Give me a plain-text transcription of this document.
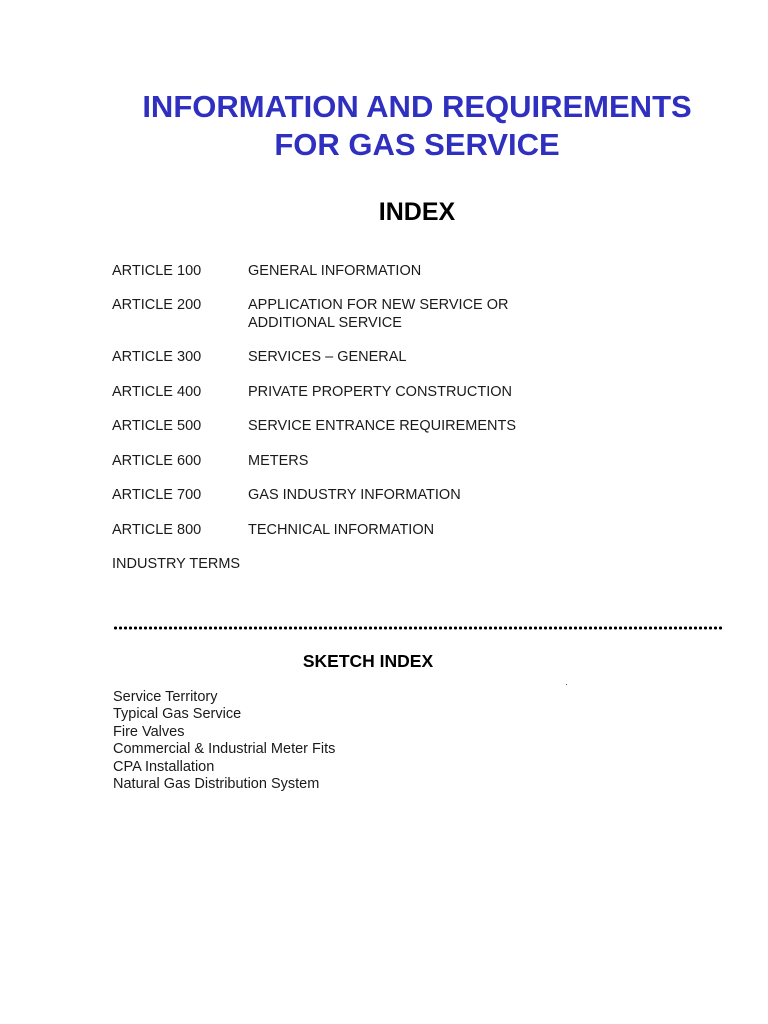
INFORMATION AND REQUIREMENTS
FOR GAS SERVICE
INDEX
ARTICLE 100	GENERAL INFORMATION
ARTICLE 200	APPLICATION FOR NEW SERVICE OR
ADDITIONAL SERVICE
ARTICLE 300	SERVICES – GENERAL
ARTICLE 400	PRIVATE PROPERTY CONSTRUCTION
ARTICLE 500	SERVICE ENTRANCE REQUIREMENTS
ARTICLE 600	METERS
ARTICLE 700	GAS INDUSTRY INFORMATION
ARTICLE 800	TECHNICAL INFORMATION
INDUSTRY TERMS
SKETCH INDEX
Service Territory
Typical Gas Service
Fire Valves
Commercial & Industrial Meter Fits
CPA Installation
Natural Gas Distribution System
